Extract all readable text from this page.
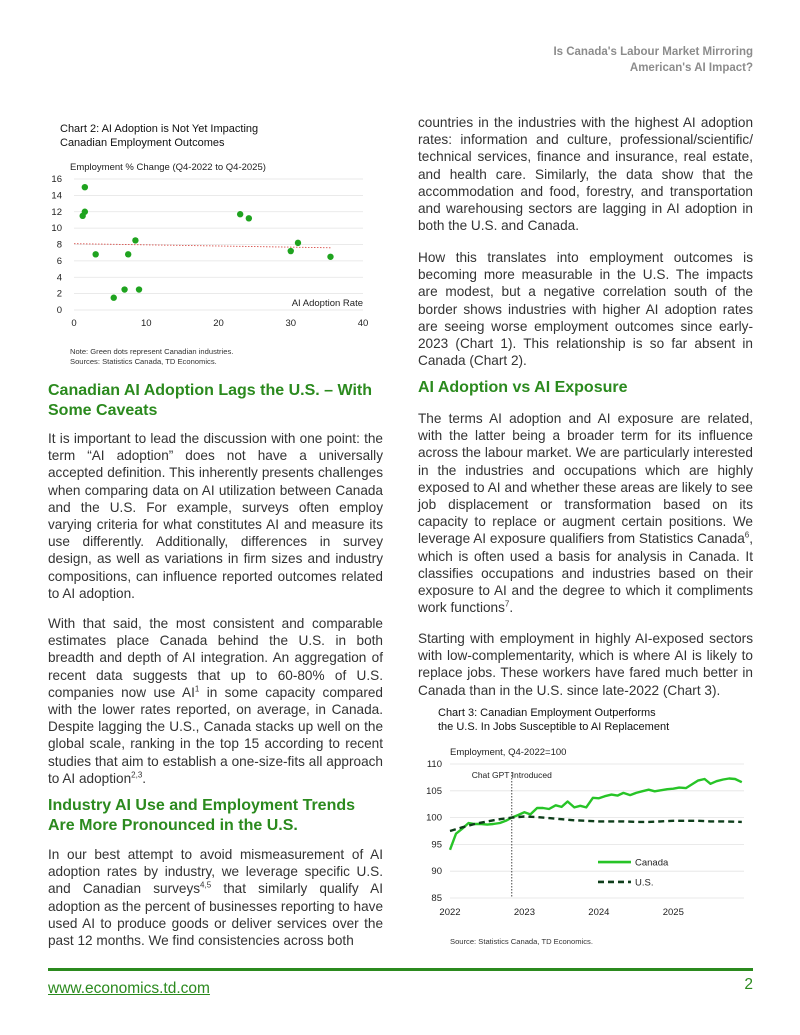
Is Canada's Labour Market Mirroring
American's AI Impact?
Chart 2: AI Adoption is Not Yet Impacting
Canadian Employment Outcomes
0
2
4
6
8
10
12
14
16
0	10	20	30	40
Employment % Change (Q4-2022 to Q4-2025)
AI Adoption Rate
Note: Green dots represent Canadian industries.
Sources: Statistics Canada, TD Economics.
Canadian AI Adoption Lags the U.S. – With Some Caveats

It is important to lead the discussion with one point: the term “AI adoption” does not have a universally accepted definition. This inherently presents challenges when comparing data on AI utilization between Canada and the U.S. For example, surveys often employ varying criteria for what constitutes AI and measure its use differently. Additionally, differences in survey design, as well as variations in firm sizes and industry compositions, can influence reported outcomes related to AI adoption.

With that said, the most consistent and comparable estimates place Canada behind the U.S. in both breadth and depth of AI integration. An aggregation of recent data suggests that up to 60-80% of U.S. companies now use $AI^1$ in some capacity compared with the lower rates reported, on average, in Canada. Despite lagging the U.S., Canada stacks up well on the global scale, ranking in the top 15 according to recent studies that aim to establish a one-size-fits all approach to AI adoption$^{2,3}$.

Industry AI Use and Employment Trends Are More Pronounced in the U.S.

In our best attempt to avoid mismeasurement of AI adoption rates by industry, we leverage specific U.S. and Canadian surveys$^{4,5}$ that similarly qualify AI adoption as the percent of businesses reporting to have used AI to produce goods or deliver services over the past 12 months. We find consistencies across both

countries in the industries with the highest AI adoption rates: information and culture, professional/scientific/ technical services, finance and insurance, real estate, and health care. Similarly, the data show that the accommodation and food, forestry, and transportation and warehousing sectors are lagging in AI adoption in both the U.S. and Canada.

How this translates into employment outcomes is becoming more measurable in the U.S. The impacts are modest, but a negative correlation south of the border shows industries with higher AI adoption rates are seeing worse employment outcomes since early-2023 (Chart 1). This relationship is so far absent in Canada (Chart 2).

AI Adoption vs AI Exposure

The terms AI adoption and AI exposure are related, with the latter being a broader term for its influence across the labour market. We are particularly interested in the industries and occupations which are highly exposed to AI and whether these areas are likely to see job displacement or transformation based on its capacity to replace or augment certain positions. We leverage AI exposure qualifiers from Statistics Canada$^6$, which is often used a basis for analysis in Canada. It classifies occupations and industries based on their exposure to AI and the degree to which it compliments work functions$^7$.

Starting with employment in highly AI-exposed sectors with low-complementarity, which is where AI is likely to replace jobs. These workers have fared much better in Canada than in the U.S. since late-2022 (Chart 3).

Chart 3: Canadian Employment Outperforms
the U.S. In Jobs Susceptible to AI Replacement
Chat GPT Introduced
85
90
95
100
105
110
2022	2023	2024	2025
Canada
U.S.
Employment, Q4-2022=100
Source: Statistics Canada, TD Economics.
www.economics.td.com	2
